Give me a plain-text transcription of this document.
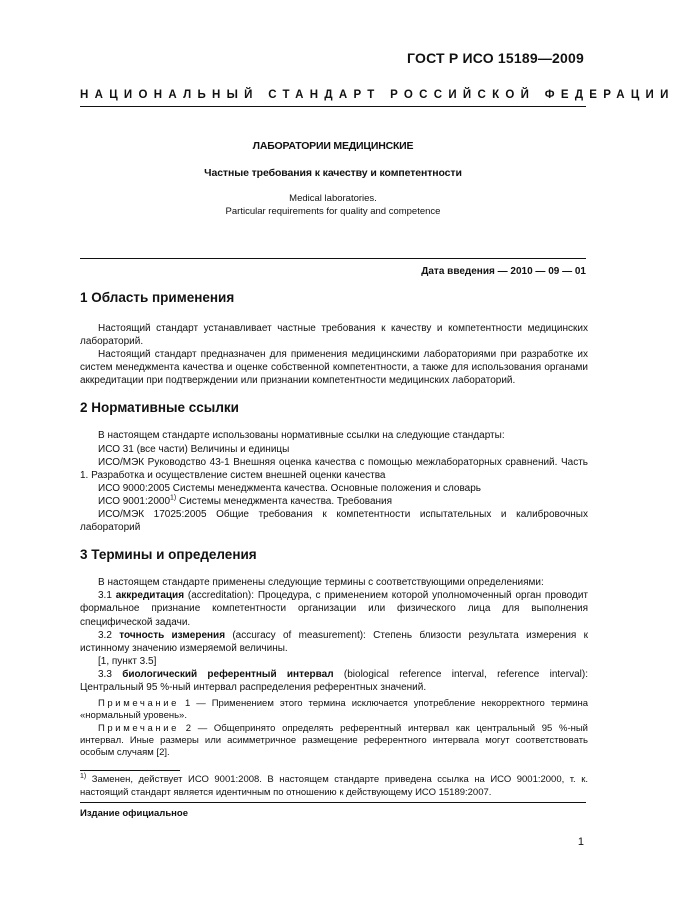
ГОСТ Р ИСО 15189—2009
НАЦИОНАЛЬНЫЙ СТАНДАРТ РОССИЙСКОЙ ФЕДЕРАЦИИ
ЛАБОРАТОРИИ МЕДИЦИНСКИЕ
Частные требования к качеству и компетентности
Medical laboratories.
Particular requirements for quality and competence
Дата введения — 2010 — 09 — 01
1 Область применения

Настоящий стандарт устанавливает частные требования к качеству и компетентности медицинских лабораторий.

Настоящий стандарт предназначен для применения медицинскими лабораториями при разработке их систем менеджмента качества и оценке собственной компетентности, а также для использования органами аккредитации при подтверждении или признании компетентности медицинских лабораторий.

2 Нормативные ссылки

В настоящем стандарте использованы нормативные ссылки на следующие стандарты:

ИСО 31 (все части) Величины и единицы

ИСО/МЭК Руководство 43-1 Внешняя оценка качества с помощью межлабораторных сравнений. Часть 1. Разработка и осуществление систем внешней оценки качества

ИСО 9000:2005 Системы менеджмента качества. Основные положения и словарь

ИСО 9001:2000$^{1)}$ Системы менеджмента качества. Требования

ИСО/МЭК 17025:2005 Общие требования к компетентности испытательных и калибровочных лабораторий

3 Термины и определения

В настоящем стандарте применены следующие термины с соответствующими определениями:

3.1 аккредитация (accreditation): Процедура, с применением которой уполномоченный орган проводит формальное признание компетентности организации или физического лица для выполнения специфической задачи.

3.2 точность измерения (accuracy of measurement): Степень близости результата измерения к истинному значению измеряемой величины.

[1, пункт 3.5]

3.3 биологический референтный интервал (biological reference interval, reference interval): Центральный 95 %-ный интервал распределения референтных значений.

Примечание 1 — Применением этого термина исключается употребление некорректного термина «нормальный уровень».

Примечание 2 — Общепринято определять референтный интервал как центральный 95 %-ный интервал. Иные размеры или асимметричное размещение референтного интервала могут соответствовать особым случаям [2].

$^{1)}$ Заменен, действует ИСО 9001:2008. В настоящем стандарте приведена ссылка на ИСО 9001:2000, т. к. настоящий стандарт является идентичным по отношению к действующему ИСО 15189:2007.
Издание официальное
1
